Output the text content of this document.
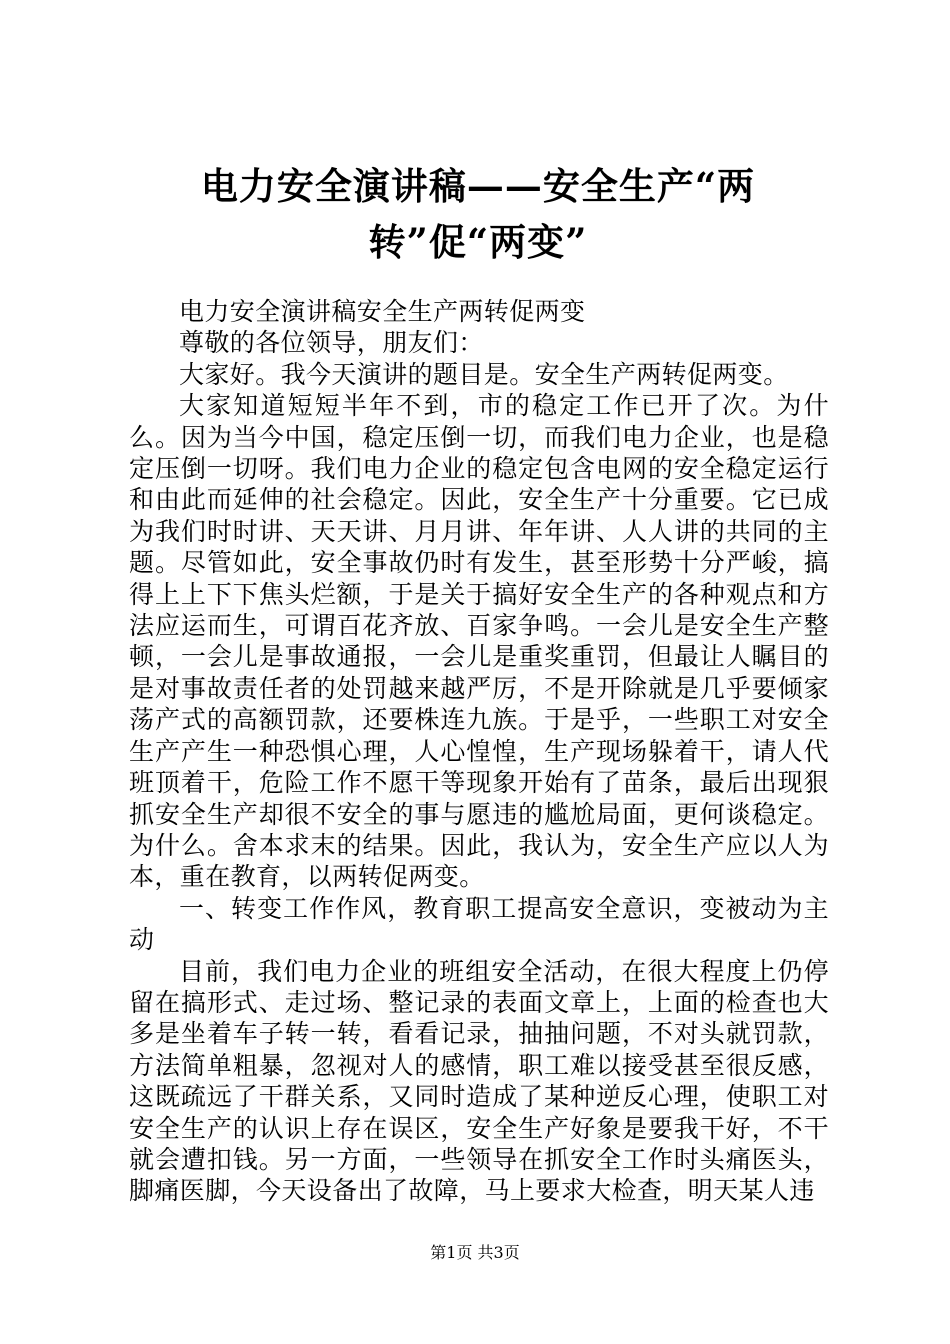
电力安全演讲稿——安全生产“两转”促“两变”

电力安全演讲稿安全生产两转促两变

尊敬的各位领导，朋友们：

大家好。我今天演讲的题目是。安全生产两转促两变。

大家知道短短半年不到，市的稳定工作已开了次。为什么。因为当今中国，稳定压倒一切，而我们电力企业，也是稳定压倒一切呀。我们电力企业的稳定包含电网的安全稳定运行和由此而延伸的社会稳定。因此，安全生产十分重要。它已成为我们时时讲、天天讲、月月讲、年年讲、人人讲的共同的主题。尽管如此，安全事故仍时有发生，甚至形势十分严峻，搞得上上下下焦头烂额，于是关于搞好安全生产的各种观点和方法应运而生，可谓百花齐放、百家争鸣。一会儿是安全生产整顿，一会儿是事故通报，一会儿是重奖重罚，但最让人瞩目的是对事故责任者的处罚越来越严厉，不是开除就是几乎要倾家荡产式的高额罚款，还要株连九族。于是乎，一些职工对安全生产产生一种恐惧心理，人心惶惶，生产现场躲着干，请人代班顶着干，危险工作不愿干等现象开始有了苗条，最后出现狠抓安全生产却很不安全的事与愿违的尴尬局面，更何谈稳定。为什么。舍本求末的结果。因此，我认为，安全生产应以人为本，重在教育，以两转促两变。

一、转变工作作风，教育职工提高安全意识，变被动为主动

目前，我们电力企业的班组安全活动，在很大程度上仍停留在搞形式、走过场、整记录的表面文章上，上面的检查也大多是坐着车子转一转，看看记录，抽抽问题，不对头就罚款，方法简单粗暴，忽视对人的感情，职工难以接受甚至很反感，这既疏远了干群关系，又同时造成了某种逆反心理，使职工对安全生产的认识上存在误区，安全生产好象是要我干好，不干就会遭扣钱。另一方面，一些领导在抓安全工作时头痛医头，脚痛医脚，今天设备出了故障，马上要求大检查，明天某人违

第1页 共3页
